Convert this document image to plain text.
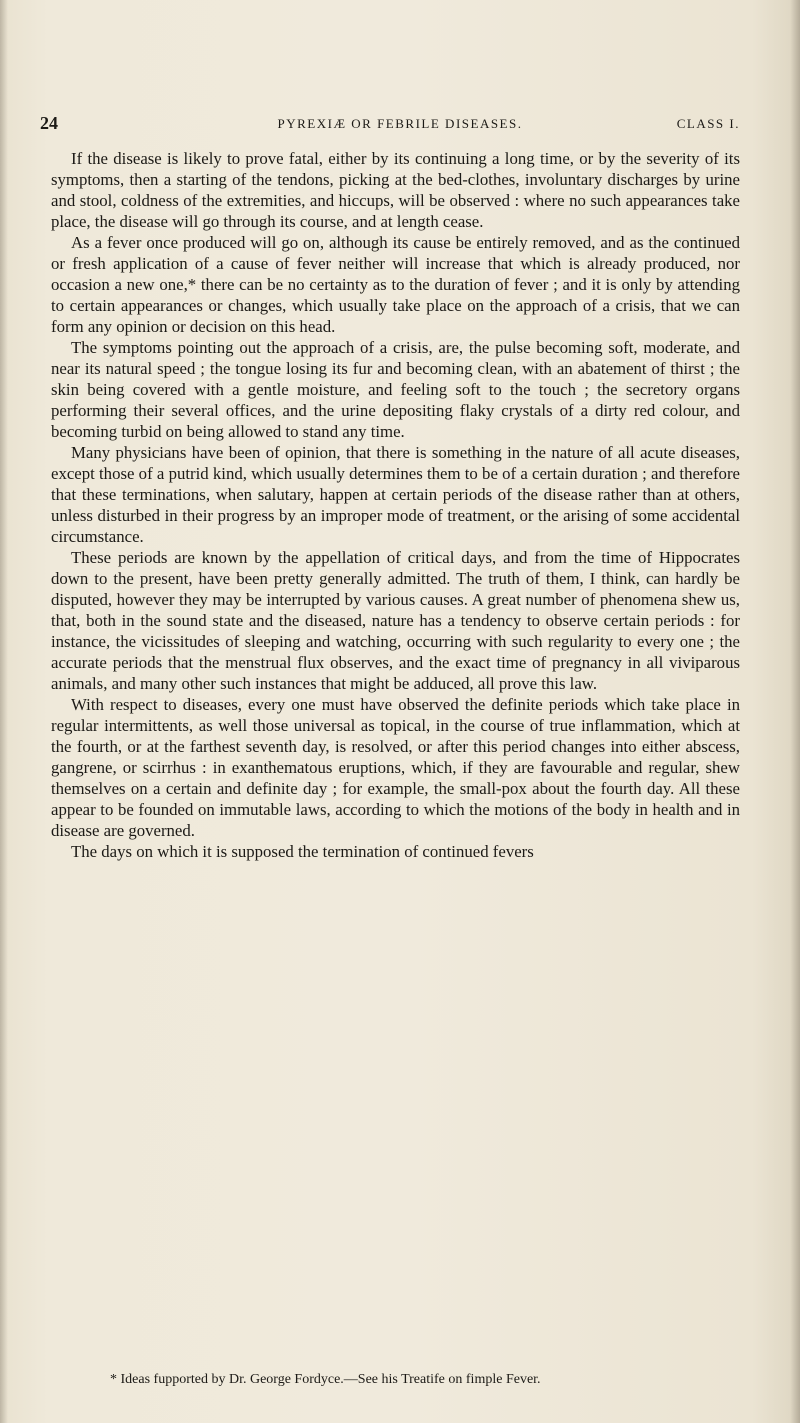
24	PYREXIÆ OR FEBRILE DISEASES.	CLASS I.

If the disease is likely to prove fatal, either by its continuing a long time, or by the severity of its symptoms, then a starting of the tendons, picking at the bed-clothes, involuntary discharges by urine and stool, coldness of the extremities, and hiccups, will be observed : where no such appearances take place, the disease will go through its course, and at length cease.

As a fever once produced will go on, although its cause be entirely removed, and as the continued or fresh application of a cause of fever neither will increase that which is already produced, nor occasion a new one,* there can be no certainty as to the duration of fever ; and it is only by attending to certain appearances or changes, which usually take place on the approach of a crisis, that we can form any opinion or decision on this head.

The symptoms pointing out the approach of a crisis, are, the pulse becoming soft, moderate, and near its natural speed ; the tongue losing its fur and becoming clean, with an abatement of thirst ; the skin being covered with a gentle moisture, and feeling soft to the touch ; the secretory organs performing their several offices, and the urine depositing flaky crystals of a dirty red colour, and becoming turbid on being allowed to stand any time.

Many physicians have been of opinion, that there is something in the nature of all acute diseases, except those of a putrid kind, which usually determines them to be of a certain duration ; and therefore that these terminations, when salutary, happen at certain periods of the disease rather than at others, unless disturbed in their progress by an improper mode of treatment, or the arising of some accidental circumstance.

These periods are known by the appellation of critical days, and from the time of Hippocrates down to the present, have been pretty generally admitted. The truth of them, I think, can hardly be disputed, however they may be interrupted by various causes. A great number of phenomena shew us, that, both in the sound state and the diseased, nature has a tendency to observe certain periods : for instance, the vicissitudes of sleeping and watching, occurring with such regularity to every one ; the accurate periods that the menstrual flux observes, and the exact time of pregnancy in all viviparous animals, and many other such instances that might be adduced, all prove this law.

With respect to diseases, every one must have observed the definite periods which take place in regular intermittents, as well those universal as topical, in the course of true inflammation, which at the fourth, or at the farthest seventh day, is resolved, or after this period changes into either abscess, gangrene, or scirrhus : in exanthematous eruptions, which, if they are favourable and regular, shew themselves on a certain and definite day ; for example, the small-pox about the fourth day. All these appear to be founded on immutable laws, according to which the motions of the body in health and in disease are governed.

The days on which it is supposed the termination of continued fevers

* Ideas fupported by Dr. George Fordyce.—See his Treatife on fimple Fever.
